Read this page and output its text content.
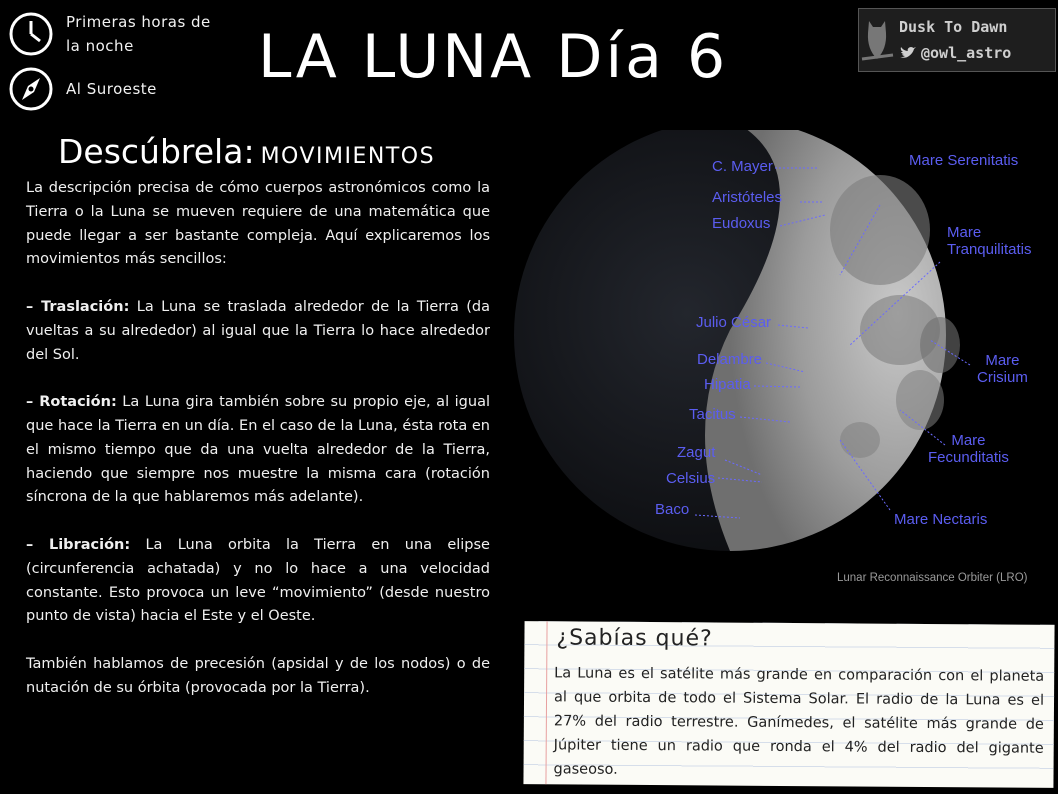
Primeras horas de la noche
Al Suroeste LA LUNA Día 6	Dusk To Dawn
@owl_astro
Descúbrela: MOVIMIENTOS

La descripción precisa de cómo cuerpos astronómicos como la Tierra o la Luna se mueven requiere de una matemática que puede llegar a ser bastante compleja. Aquí explicaremos los movimientos más sencillos:

– Traslación: La Luna se traslada alrededor de la Tierra (da vueltas a su alrededor) al igual que la Tierra lo hace alrededor del Sol.

– Rotación: La Luna gira también sobre su propio eje, al igual que hace la Tierra en un día. En el caso de la Luna, ésta rota en el mismo tiempo que da una vuelta alrededor de la Tierra, haciendo que siempre nos muestre la misma cara (rotación síncrona de la que hablaremos más adelante).

– Libración: La Luna orbita la Tierra en una elipse (circunferencia achatada) y no lo hace a una velocidad constante. Esto provoca un leve “movimiento” (desde nuestro punto de vista) hacia el Este y el Oeste.

También hablamos de precesión (apsidal y de los nodos) o de nutación de su órbita (provocada por la Tierra).

C. Mayer
Aristóteles
Eudoxus
Julio César
Delambre
Hipatia
Tacitus
Zagut
Celsius
Baco
Mare Serenitatis
Mare
Tranquilitatis
Mare
Crisium
Mare
Fecunditatis
Mare Nectaris
Lunar Reconnaissance Orbiter (LRO)
¿Sabías qué?
La Luna es el satélite más grande en comparación con el planeta al que orbita de todo el Sistema Solar. El radio de la Luna es el 27% del radio terrestre. Ganímedes, el satélite más grande de Júpiter tiene un radio que ronda el 4% del radio del gigante gaseoso.
